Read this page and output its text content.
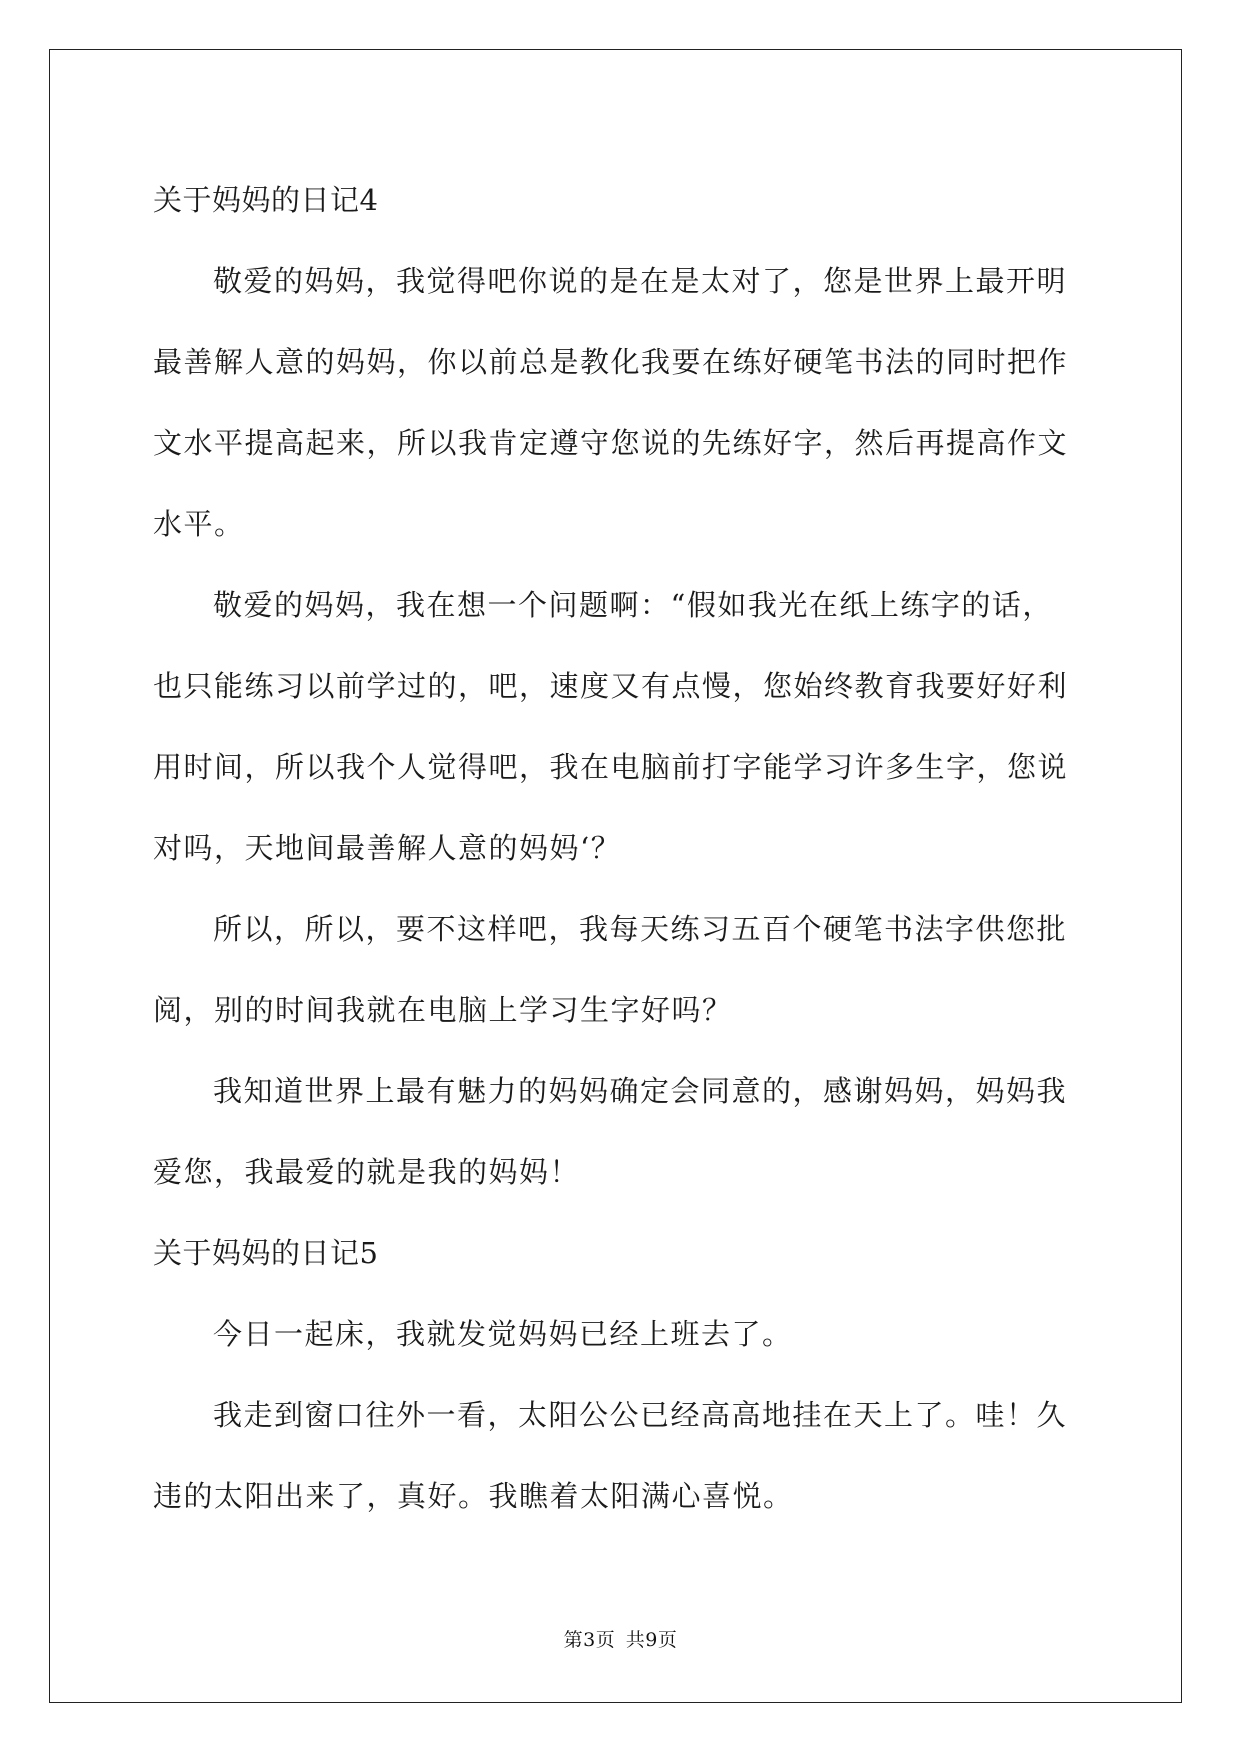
关于妈妈的日记4
敬爱的妈妈，我觉得吧你说的是在是太对了，您是世界上最开明
最善解人意的妈妈，你以前总是教化我要在练好硬笔书法的同时把作
文水平提高起来，所以我肯定遵守您说的先练好字，然后再提高作文
水平。
敬爱的妈妈，我在想一个问题啊：“假如我光在纸上练字的话，
也只能练习以前学过的，吧，速度又有点慢，您始终教育我要好好利
用时间，所以我个人觉得吧，我在电脑前打字能学习许多生字，您说
对吗，天地间最善解人意的妈妈‘？
所以，所以，要不这样吧，我每天练习五百个硬笔书法字供您批
阅，别的时间我就在电脑上学习生字好吗？
我知道世界上最有魅力的妈妈确定会同意的，感谢妈妈，妈妈我
爱您，我最爱的就是我的妈妈！
关于妈妈的日记5
今日一起床，我就发觉妈妈已经上班去了。
我走到窗口往外一看，太阳公公已经高高地挂在天上了。哇！久
违的太阳出来了，真好。我瞧着太阳满心喜悦。
第3页 共9页
